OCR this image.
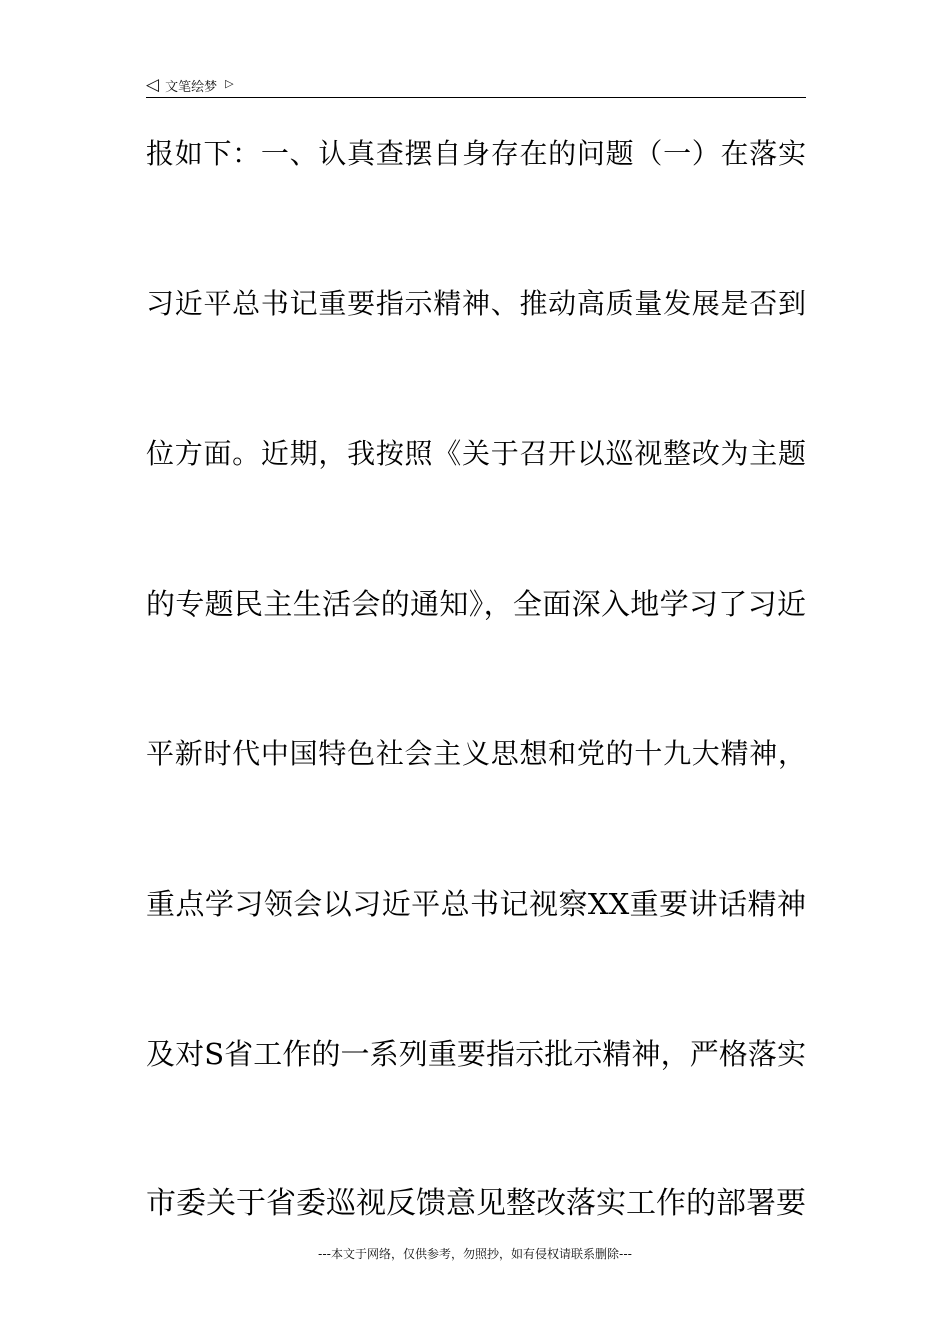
◁ 文笔绘梦 ▷
报如下：一、认真查摆自身存在的问题（一）在落实
习近平总书记重要指示精神、推动高质量发展是否到
位方面。近期，我按照《关于召开以巡视整改为主题
的专题民主生活会的通知》，全面深入地学习了习近
平新时代中国特色社会主义思想和党的十九大精神，
重点学习领会以习近平总书记视察XX重要讲话精神
及对S省工作的一系列重要指示批示精神，严格落实
市委关于省委巡视反馈意见整改落实工作的部署要
---本文于网络，仅供参考，勿照抄，如有侵权请联系删除---
